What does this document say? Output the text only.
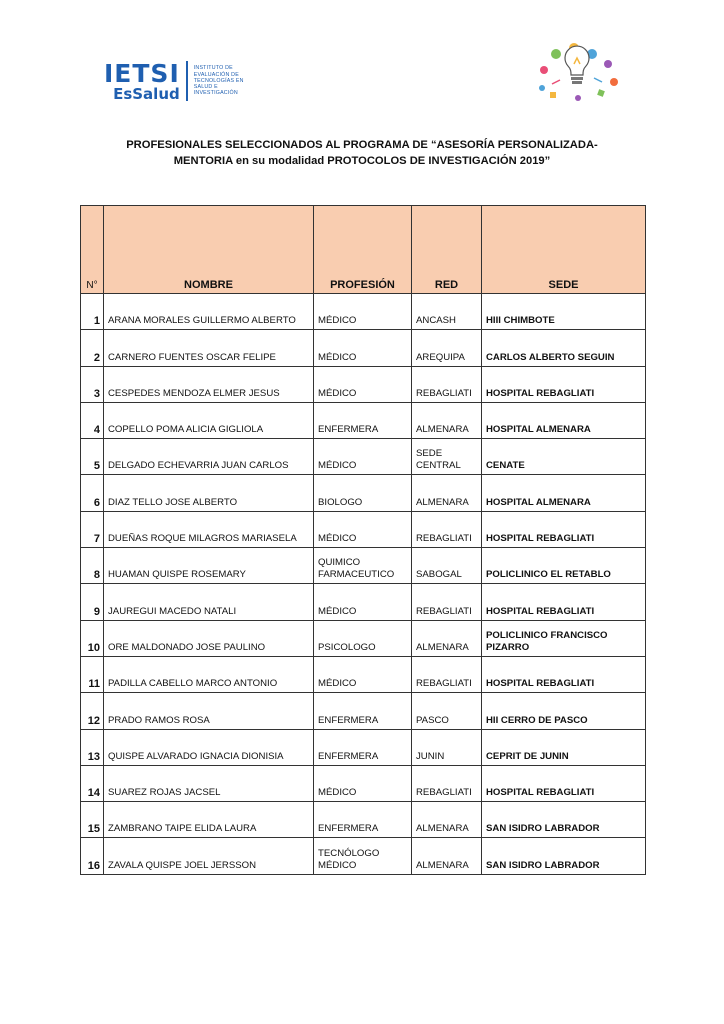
IETSI
EsSalud
INSTITUTO DE
EVALUACIÓN DE
TECNOLOGÍAS EN
SALUD E
INVESTIGACIÓN
PROFESIONALES SELECCIONADOS AL PROGRAMA DE “ASESORÍA PERSONALIZADA-
MENTORIA en su modalidad PROTOCOLOS DE INVESTIGACIÓN 2019”
N°	NOMBRE	PROFESIÓN	RED	SEDE
1	ARANA MORALES GUILLERMO ALBERTO	MÉDICO	ANCASH	HIII CHIMBOTE
2	CARNERO FUENTES OSCAR FELIPE	MÉDICO	AREQUIPA	CARLOS ALBERTO SEGUIN
3	CESPEDES MENDOZA ELMER JESUS	MÉDICO	REBAGLIATI	HOSPITAL REBAGLIATI
4	COPELLO POMA ALICIA GIGLIOLA	ENFERMERA	ALMENARA	HOSPITAL ALMENARA
5	DELGADO ECHEVARRIA JUAN CARLOS	MÉDICO	SEDE CENTRAL	CENATE
6	DIAZ TELLO JOSE ALBERTO	BIOLOGO	ALMENARA	HOSPITAL ALMENARA
7	DUEÑAS ROQUE MILAGROS MARIASELA	MÉDICO	REBAGLIATI	HOSPITAL REBAGLIATI
8	HUAMAN QUISPE ROSEMARY	QUIMICO FARMACEUTICO	SABOGAL	POLICLINICO EL RETABLO
9	JAUREGUI MACEDO NATALI	MÉDICO	REBAGLIATI	HOSPITAL REBAGLIATI
10	ORE MALDONADO JOSE PAULINO	PSICOLOGO	ALMENARA	POLICLINICO FRANCISCO PIZARRO
11	PADILLA CABELLO MARCO ANTONIO	MÉDICO	REBAGLIATI	HOSPITAL REBAGLIATI
12	PRADO RAMOS ROSA	ENFERMERA	PASCO	HII CERRO DE PASCO
13	QUISPE ALVARADO IGNACIA DIONISIA	ENFERMERA	JUNIN	CEPRIT DE JUNIN
14	SUAREZ ROJAS JACSEL	MÉDICO	REBAGLIATI	HOSPITAL REBAGLIATI
15	ZAMBRANO TAIPE ELIDA LAURA	ENFERMERA	ALMENARA	SAN ISIDRO LABRADOR
16	ZAVALA QUISPE JOEL JERSSON	TECNÓLOGO MÉDICO	ALMENARA	SAN ISIDRO LABRADOR
